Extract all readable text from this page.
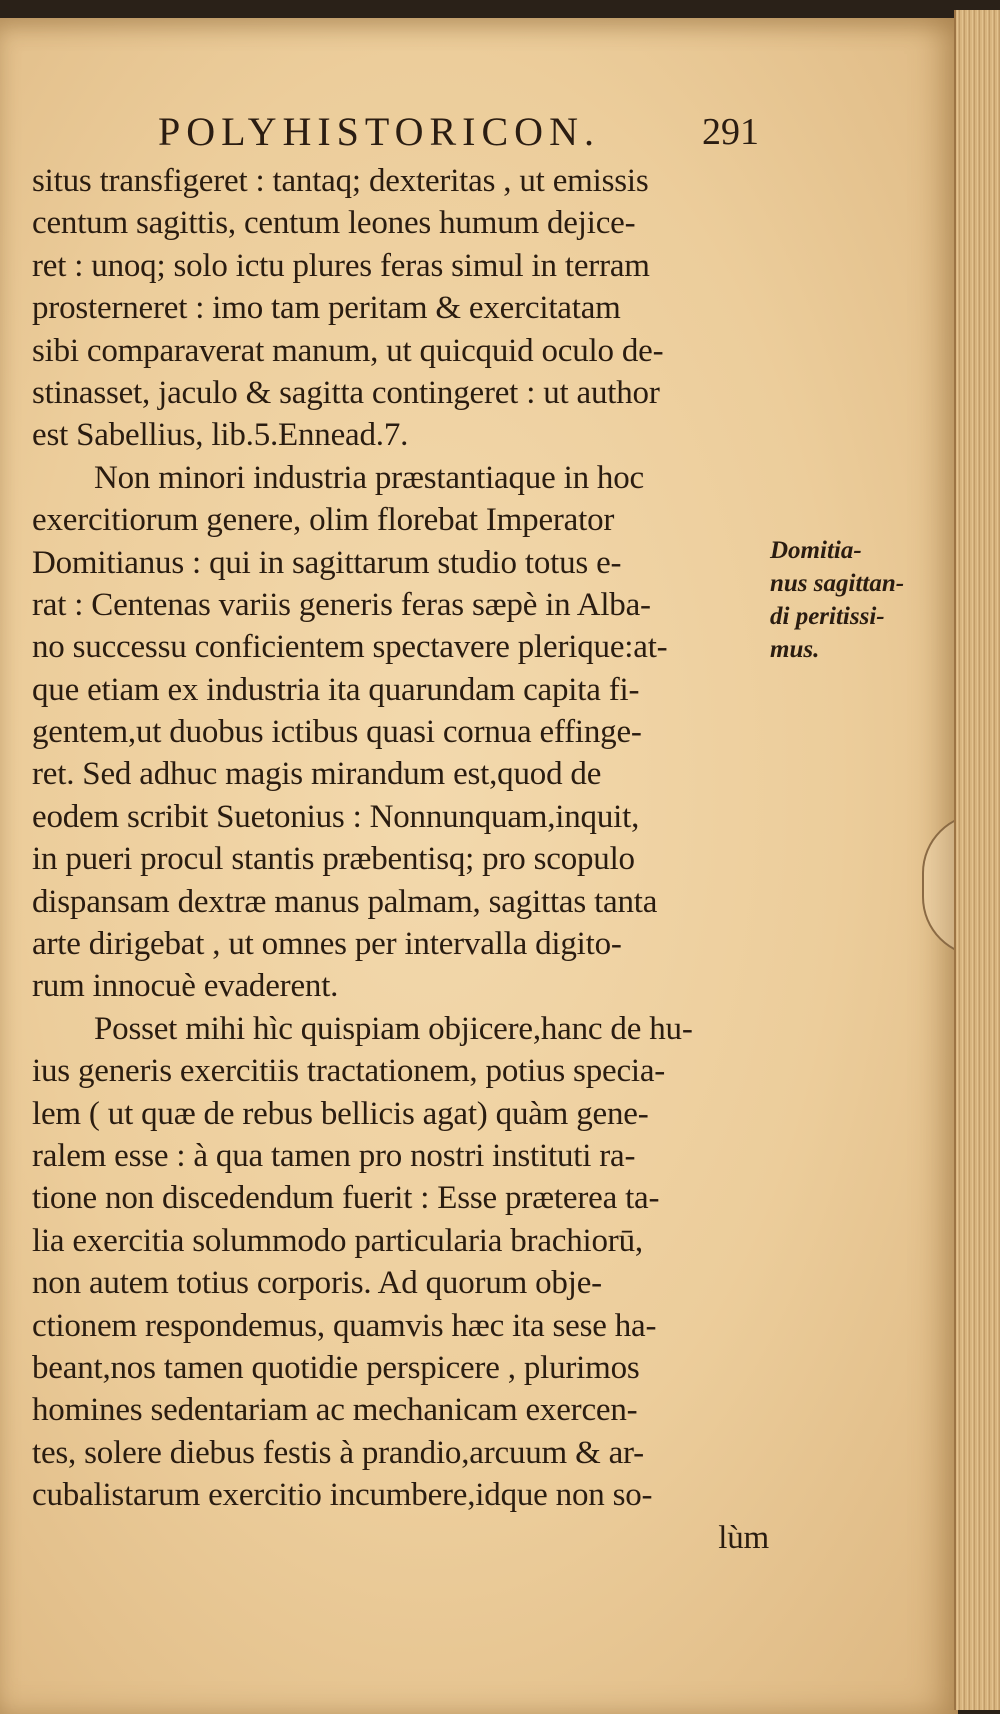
POLYHISTORICON.	291
situs transfigeret : tantaq; dexteritas , ut emissis
centum sagittis, centum leones humum dejice-
ret : unoq; solo ictu plures feras simul in terram
prosterneret : imo tam peritam & exercitatam
sibi comparaverat manum, ut quicquid oculo de-
stinasset, jaculo & sagitta contingeret : ut author
est Sabellius, lib.5.Ennead.7.
Non minori industria præstantiaque in hoc
exercitiorum genere, olim florebat Imperator
Domitianus : qui in sagittarum studio totus e-
rat : Centenas variis generis feras sæpè in Alba-
no successu conficientem spectavere plerique:at-
que etiam ex industria ita quarundam capita fi-
gentem,ut duobus ictibus quasi cornua effinge-
ret. Sed adhuc magis mirandum est,quod de
eodem scribit Suetonius : Nonnunquam,inquit,
in pueri procul stantis præbentisq; pro scopulo
dispansam dextræ manus palmam, sagittas tanta
arte dirigebat , ut omnes per intervalla digito-
rum innocuè evaderent.
Posset mihi hìc quispiam objicere,hanc de hu-
ius generis exercitiis tractationem, potius specia-
lem ( ut quæ de rebus bellicis agat) quàm gene-
ralem esse : à qua tamen pro nostri instituti ra-
tione non discedendum fuerit : Esse præterea ta-
lia exercitia solummodo particularia brachiorū,
non autem totius corporis. Ad quorum obje-
ctionem respondemus, quamvis hæc ita sese ha-
beant,nos tamen quotidie perspicere , plurimos
homines sedentariam ac mechanicam exercen-
tes, solere diebus festis à prandio,arcuum & ar-
cubalistarum exercitio incumbere,idque non so-
lùm
Domitia-
nus sagittan-
di peritissi-
mus.
